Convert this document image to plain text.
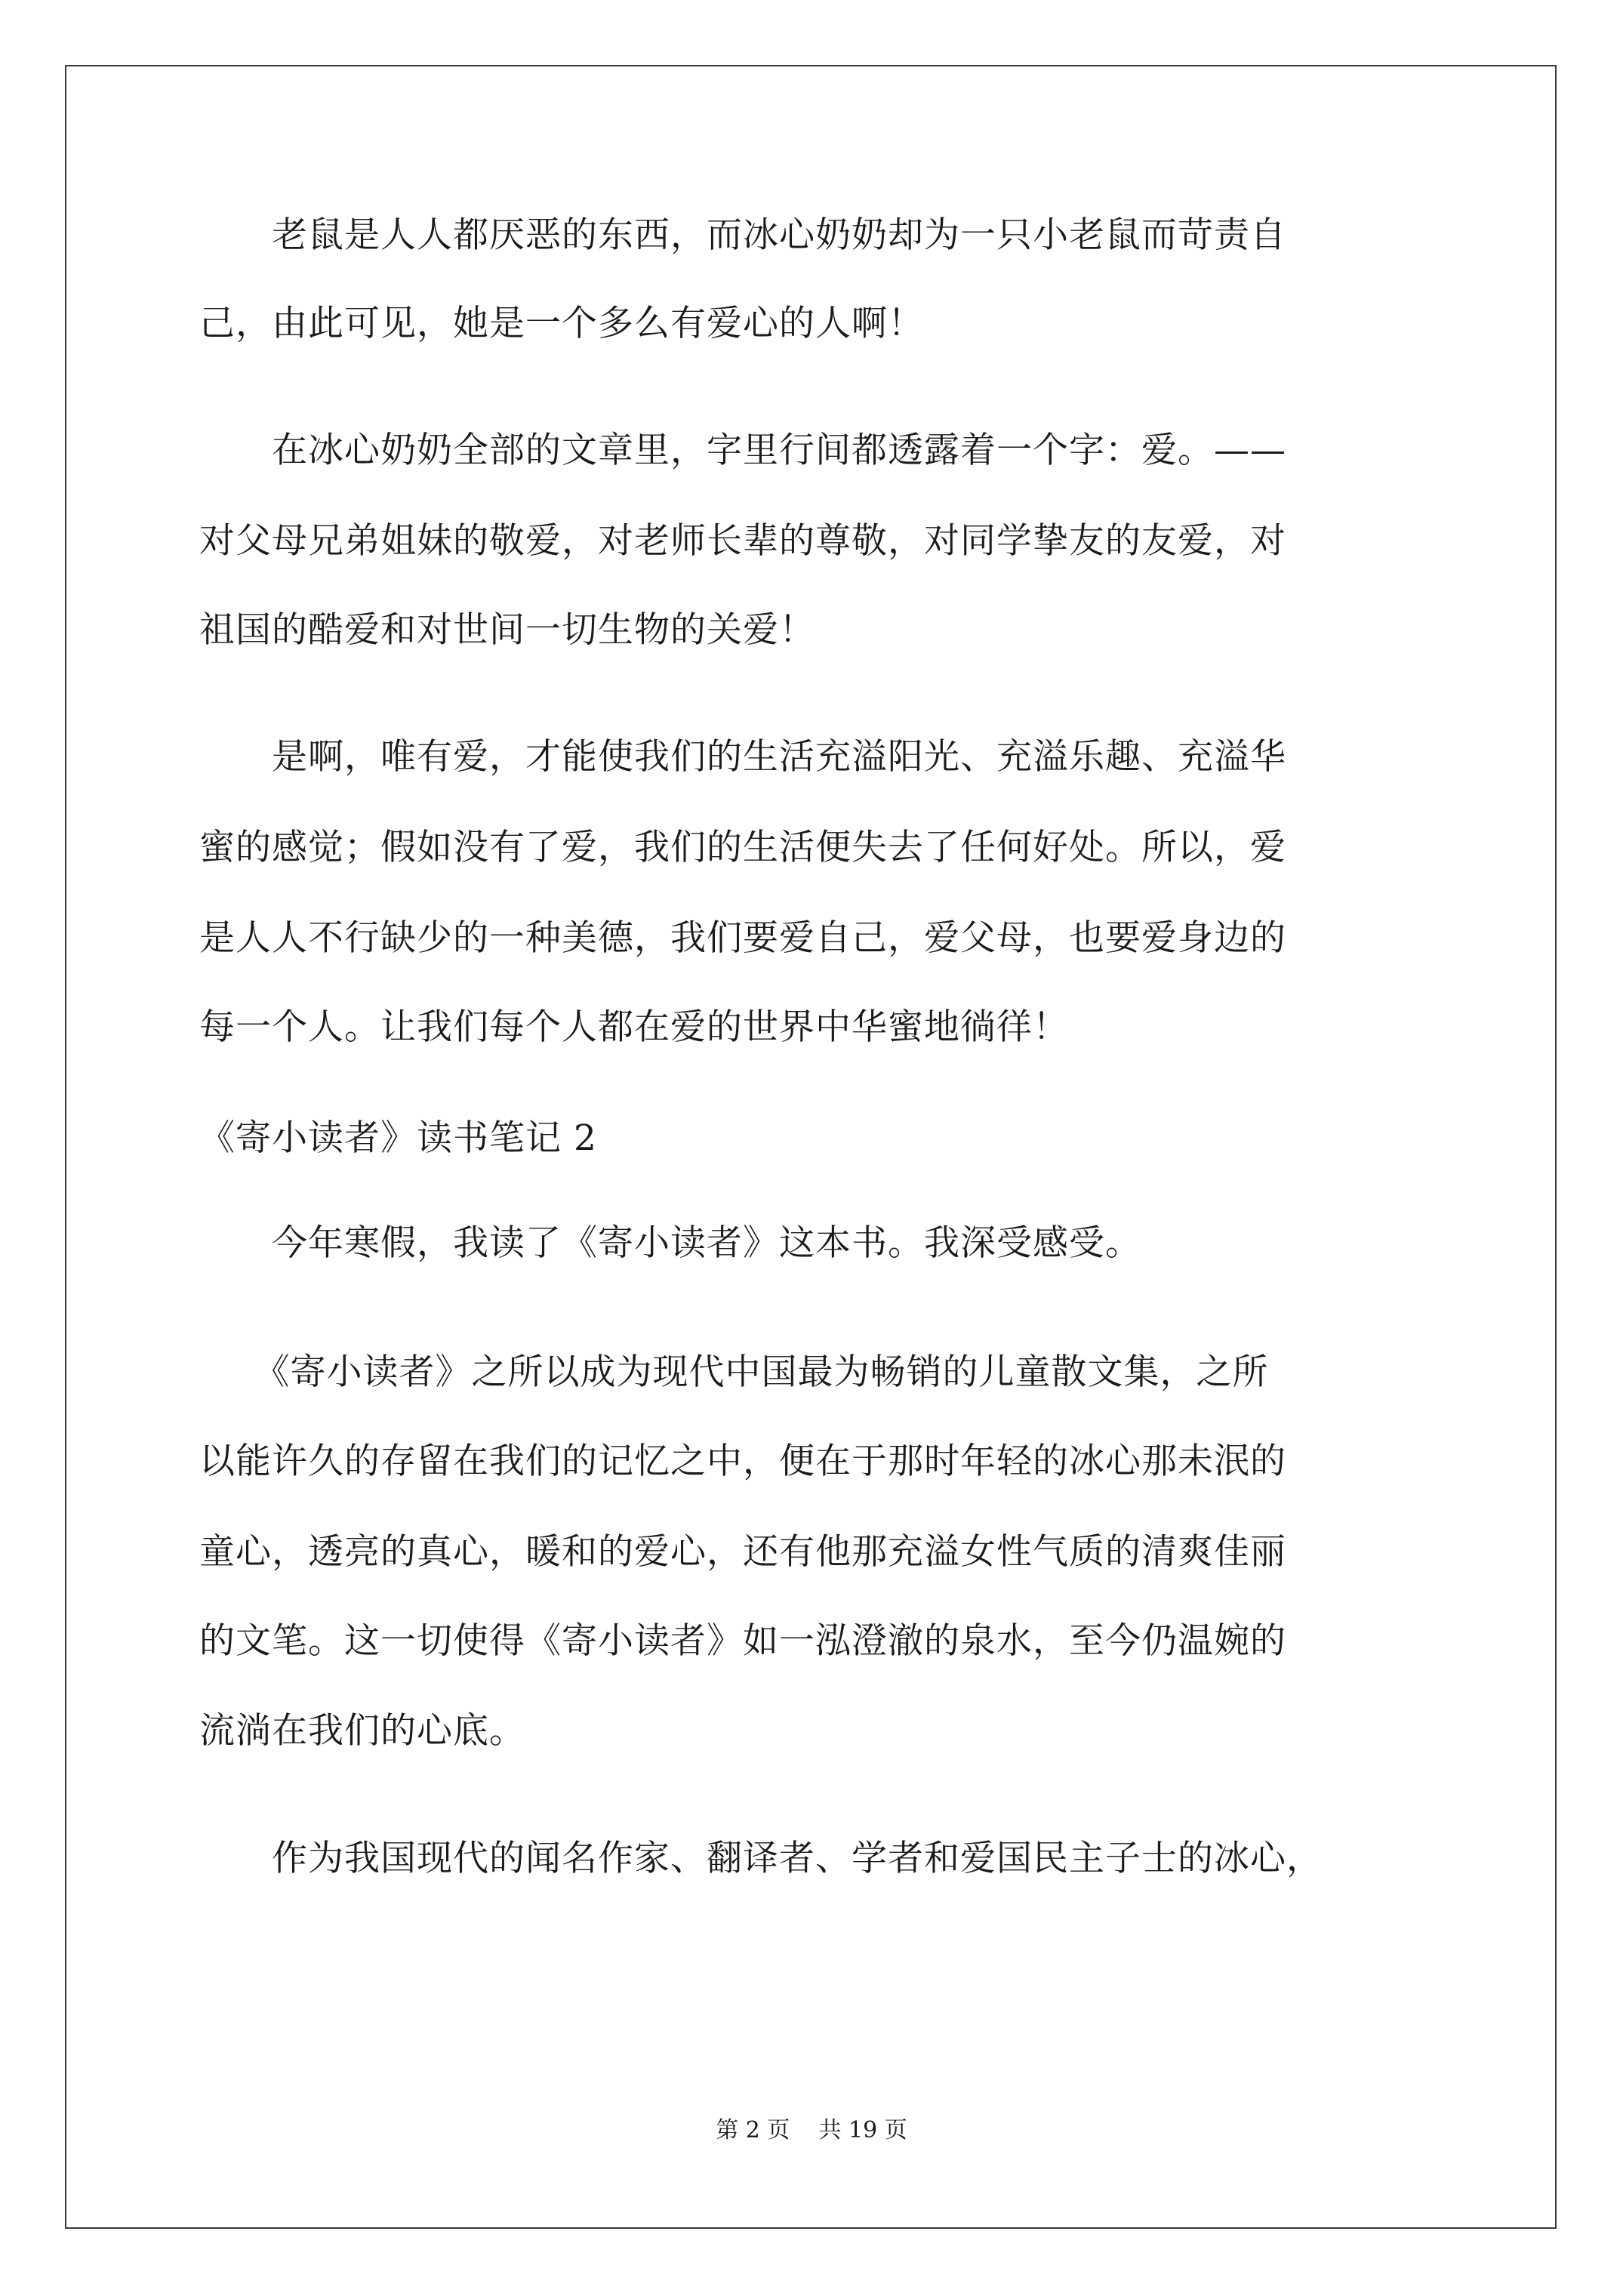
　　老鼠是人人都厌恶的东西，而冰心奶奶却为一只小老鼠而苛责自
己，由此可见，她是一个多么有爱心的人啊！
　　在冰心奶奶全部的文章里，字里行间都透露着一个字：爱。——
对父母兄弟姐妹的敬爱，对老师长辈的尊敬，对同学挚友的友爱，对
祖国的酷爱和对世间一切生物的关爱！
　　是啊，唯有爱，才能使我们的生活充溢阳光、充溢乐趣、充溢华
蜜的感觉；假如没有了爱，我们的生活便失去了任何好处。所以，爱
是人人不行缺少的一种美德，我们要爱自己，爱父母，也要爱身边的
每一个人。让我们每个人都在爱的世界中华蜜地徜徉！
《寄小读者》读书笔记 2
　　今年寒假，我读了《寄小读者》这本书。我深受感受。
　　《寄小读者》之所以成为现代中国最为畅销的儿童散文集，之所
以能许久的存留在我们的记忆之中，便在于那时年轻的冰心那未泯的
童心，透亮的真心，暖和的爱心，还有他那充溢女性气质的清爽佳丽
的文笔。这一切使得《寄小读者》如一泓澄澈的泉水，至今仍温婉的
流淌在我们的心底。
　　作为我国现代的闻名作家、翻译者、学者和爱国民主子士的冰心，
第 2 页    共 19 页
